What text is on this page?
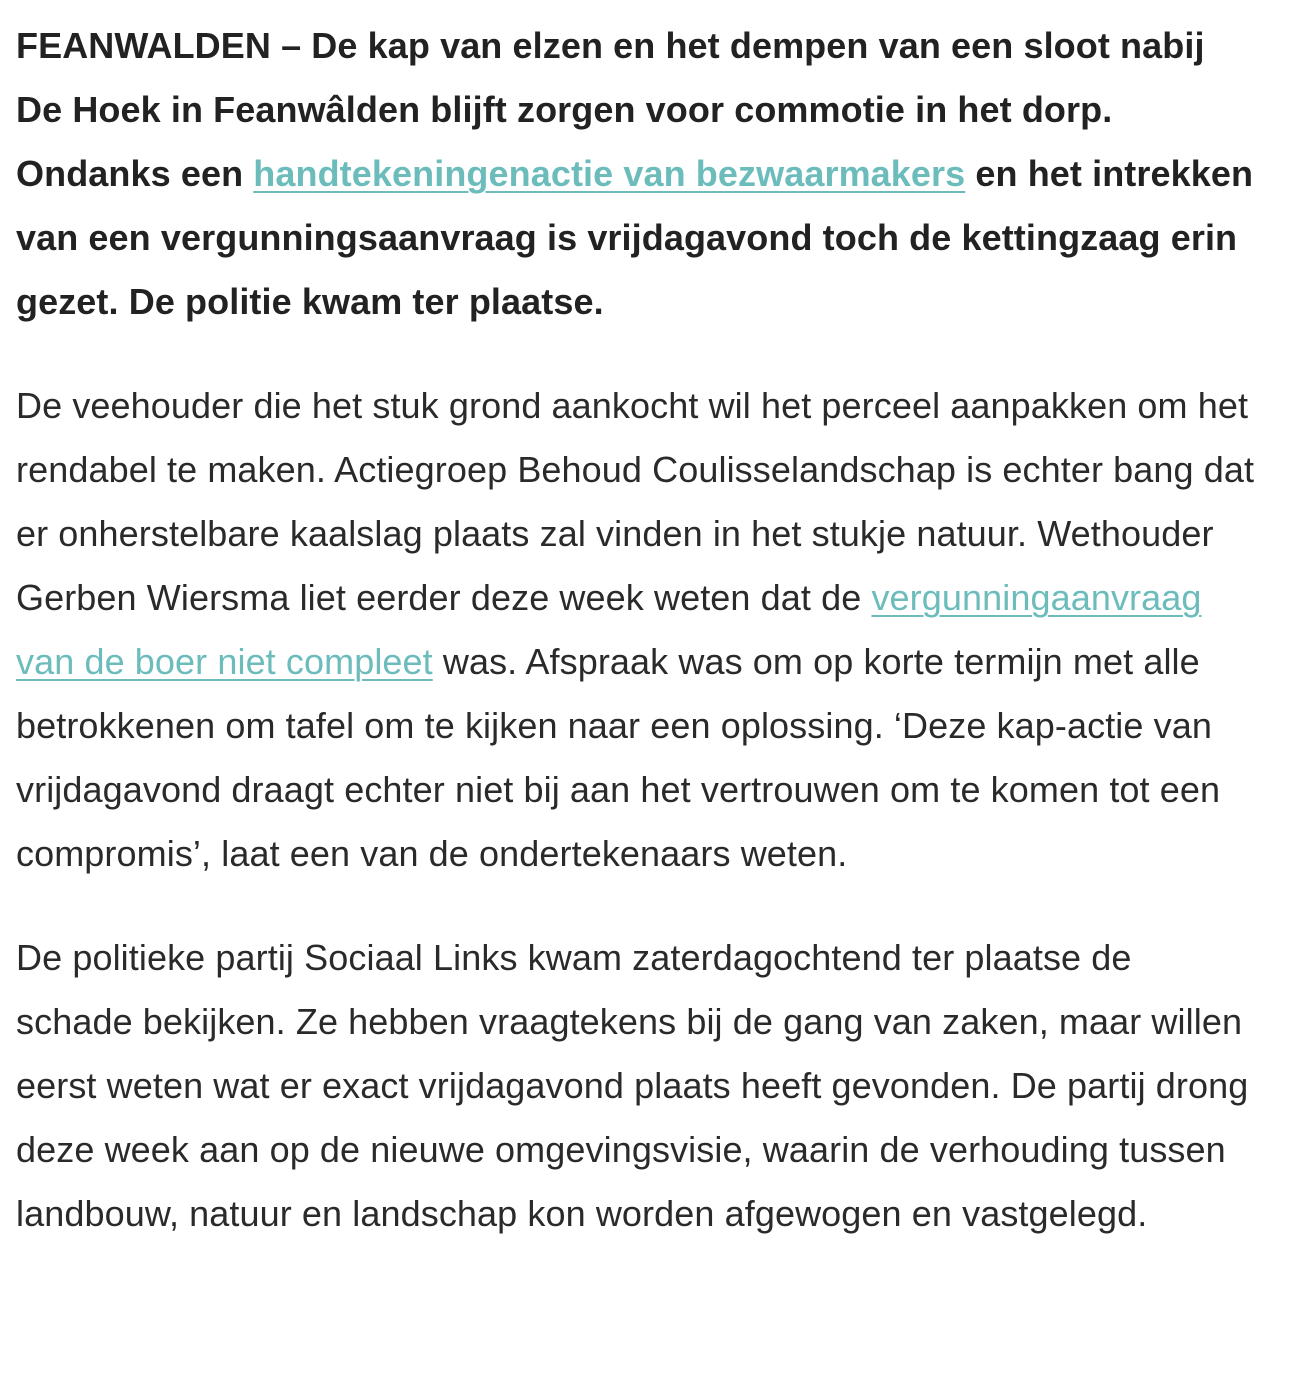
FEANWALDEN – De kap van elzen en het dempen van een sloot nabij De Hoek in Feanwâlden blijft zorgen voor commotie in het dorp. Ondanks een handtekeningenactie van bezwaarmakers en het intrekken van een vergunningsaanvraag is vrijdagavond toch de kettingzaag erin gezet. De politie kwam ter plaatse.

De veehouder die het stuk grond aankocht wil het perceel aanpakken om het rendabel te maken. Actiegroep Behoud Coulisselandschap is echter bang dat er onherstelbare kaalslag plaats zal vinden in het stukje natuur. Wethouder Gerben Wiersma liet eerder deze week weten dat de vergunningaanvraag van de boer niet compleet was. Afspraak was om op korte termijn met alle betrokkenen om tafel om te kijken naar een oplossing. ‘Deze kap-actie van vrijdagavond draagt echter niet bij aan het vertrouwen om te komen tot een compromis’, laat een van de ondertekenaars weten.

De politieke partij Sociaal Links kwam zaterdagochtend ter plaatse de schade bekijken. Ze hebben vraagtekens bij de gang van zaken, maar willen eerst weten wat er exact vrijdagavond plaats heeft gevonden. De partij drong deze week aan op de nieuwe omgevingsvisie, waarin de verhouding tussen landbouw, natuur en landschap kon worden afgewogen en vastgelegd.
